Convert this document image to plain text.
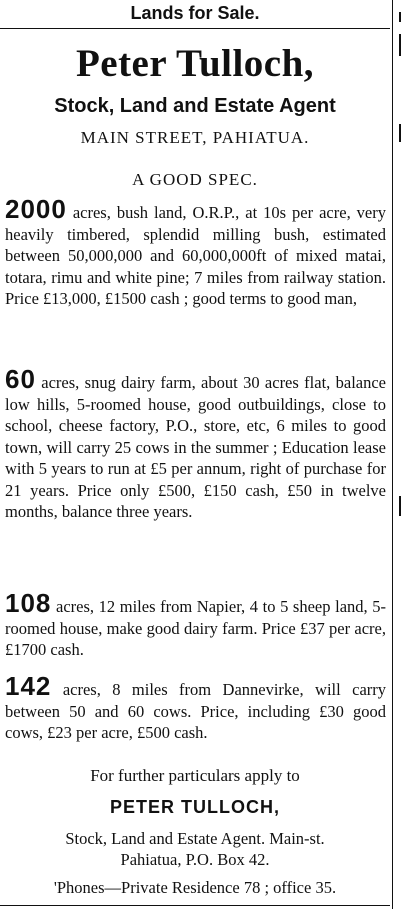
Lands for Sale.
Peter Tulloch,
Stock, Land and Estate Agent
MAIN STREET, PAHIATUA.
A GOOD SPEC.
2000 acres, bush land, O.R.P., at 10s per acre, very heavily timbered, splendid milling bush, estimated between 50,000,000 and 60,000,000ft of mixed matai, totara, rimu and white pine; 7 miles from railway station. Price £13,000, £1500 cash ; good terms to good man,
60 acres, snug dairy farm, about 30 acres flat, balance low hills, 5-roomed house, good outbuildings, close to school, cheese factory, P.O., store, etc, 6 miles to good town, will carry 25 cows in the summer ; Education lease with 5 years to run at £5 per annum, right of purchase for 21 years. Price only £500, £150 cash, £50 in twelve months, balance three years.
108 acres, 12 miles from Napier, 4 to 5 sheep land, 5-roomed house, make good dairy farm. Price £37 per acre, £1700 cash.
142 acres, 8 miles from Dannevirke, will carry between 50 and 60 cows. Price, including £30 good cows, £23 per acre, £500 cash.
For further particulars apply to
PETER TULLOCH,
Stock, Land and Estate Agent. Main-st.
Pahiatua, P.O. Box 42.
'Phones—Private Residence 78 ; office 35.
